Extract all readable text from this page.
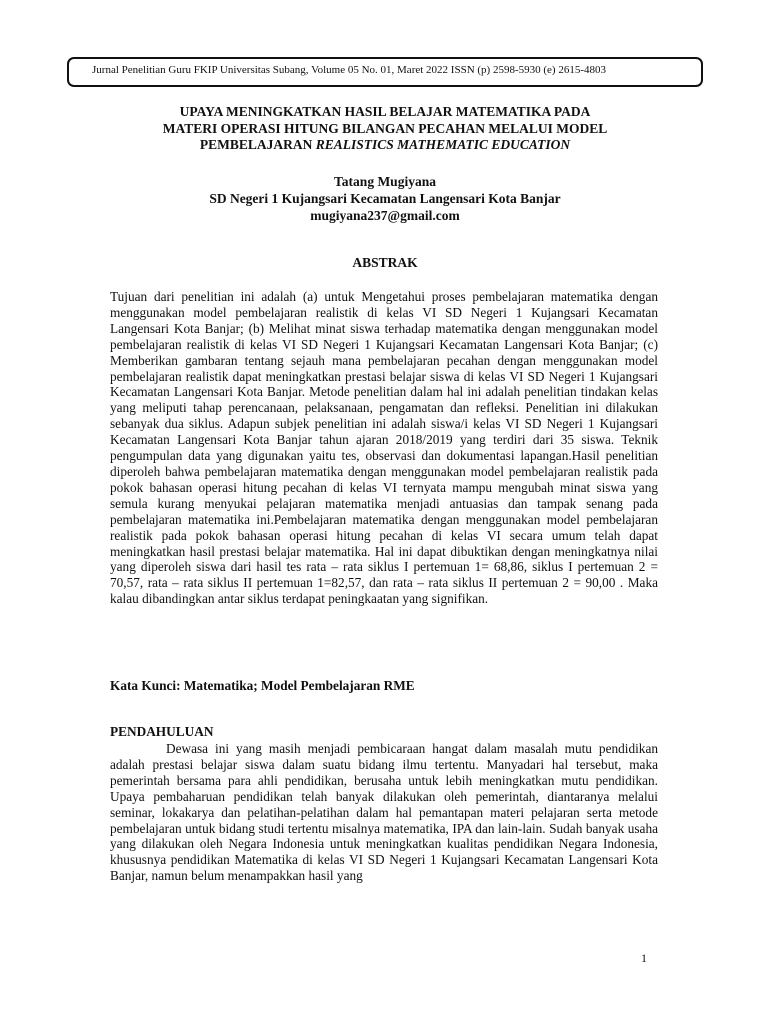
Jurnal Penelitian Guru FKIP Universitas Subang, Volume 05 No. 01, Maret 2022 ISSN (p) 2598-5930 (e) 2615-4803
UPAYA MENINGKATKAN HASIL BELAJAR MATEMATIKA PADA
MATERI OPERASI HITUNG BILANGAN PECAHAN MELALUI MODEL
PEMBELAJARAN REALISTICS MATHEMATIC EDUCATION
Tatang Mugiyana
SD Negeri 1 Kujangsari Kecamatan Langensari Kota Banjar
mugiyana237@gmail.com
ABSTRAK
Tujuan dari penelitian ini adalah (a) untuk Mengetahui proses pembelajaran matematika dengan menggunakan model pembelajaran realistik di kelas VI SD Negeri 1 Kujangsari Kecamatan Langensari Kota Banjar; (b) Melihat minat siswa terhadap matematika dengan menggunakan model pembelajaran realistik di kelas VI SD Negeri 1 Kujangsari Kecamatan Langensari Kota Banjar; (c) Memberikan gambaran tentang sejauh mana pembelajaran pecahan dengan menggunakan model pembelajaran realistik dapat meningkatkan prestasi belajar siswa di kelas VI SD Negeri 1 Kujangsari Kecamatan Langensari Kota Banjar. Metode penelitian dalam hal ini adalah penelitian tindakan kelas yang meliputi tahap perencanaan, pelaksanaan, pengamatan dan refleksi. Penelitian ini dilakukan sebanyak dua siklus. Adapun subjek penelitian ini adalah siswa/i kelas VI SD Negeri 1 Kujangsari Kecamatan Langensari Kota Banjar tahun ajaran 2018/2019 yang terdiri dari 35 siswa. Teknik pengumpulan data yang digunakan yaitu tes, observasi dan dokumentasi lapangan.Hasil penelitian diperoleh bahwa pembelajaran matematika dengan menggunakan model pembelajaran realistik pada pokok bahasan operasi hitung pecahan di kelas VI ternyata mampu mengubah minat siswa yang semula kurang menyukai pelajaran matematika menjadi antuasias dan tampak senang pada pembelajaran matematika ini.Pembelajaran matematika dengan menggunakan model pembelajaran realistik pada pokok bahasan operasi hitung pecahan di kelas VI secara umum telah dapat meningkatkan hasil prestasi belajar matematika. Hal ini dapat dibuktikan dengan meningkatnya nilai yang diperoleh siswa dari hasil tes rata – rata siklus I pertemuan 1= 68,86, siklus I pertemuan 2 = 70,57, rata – rata siklus II pertemuan 1=82,57, dan rata – rata siklus II pertemuan 2 = 90,00 . Maka kalau dibandingkan antar siklus terdapat peningkaatan yang signifikan.
Kata Kunci: Matematika; Model Pembelajaran RME
PENDAHULUAN
Dewasa ini yang masih menjadi pembicaraan hangat dalam masalah mutu pendidikan adalah prestasi belajar siswa dalam suatu bidang ilmu tertentu. Manyadari hal tersebut, maka pemerintah bersama para ahli pendidikan, berusaha untuk lebih meningkatkan mutu pendidikan. Upaya pembaharuan pendidikan telah banyak dilakukan oleh pemerintah, diantaranya melalui seminar, lokakarya dan pelatihan-pelatihan dalam hal pemantapan materi pelajaran serta metode pembelajaran untuk bidang studi tertentu misalnya matematika, IPA dan lain-lain. Sudah banyak usaha yang dilakukan oleh Negara Indonesia untuk meningkatkan kualitas pendidikan Negara Indonesia, khususnya pendidikan Matematika di kelas VI SD Negeri 1 Kujangsari Kecamatan Langensari Kota Banjar, namun belum menampakkan hasil yang
1
